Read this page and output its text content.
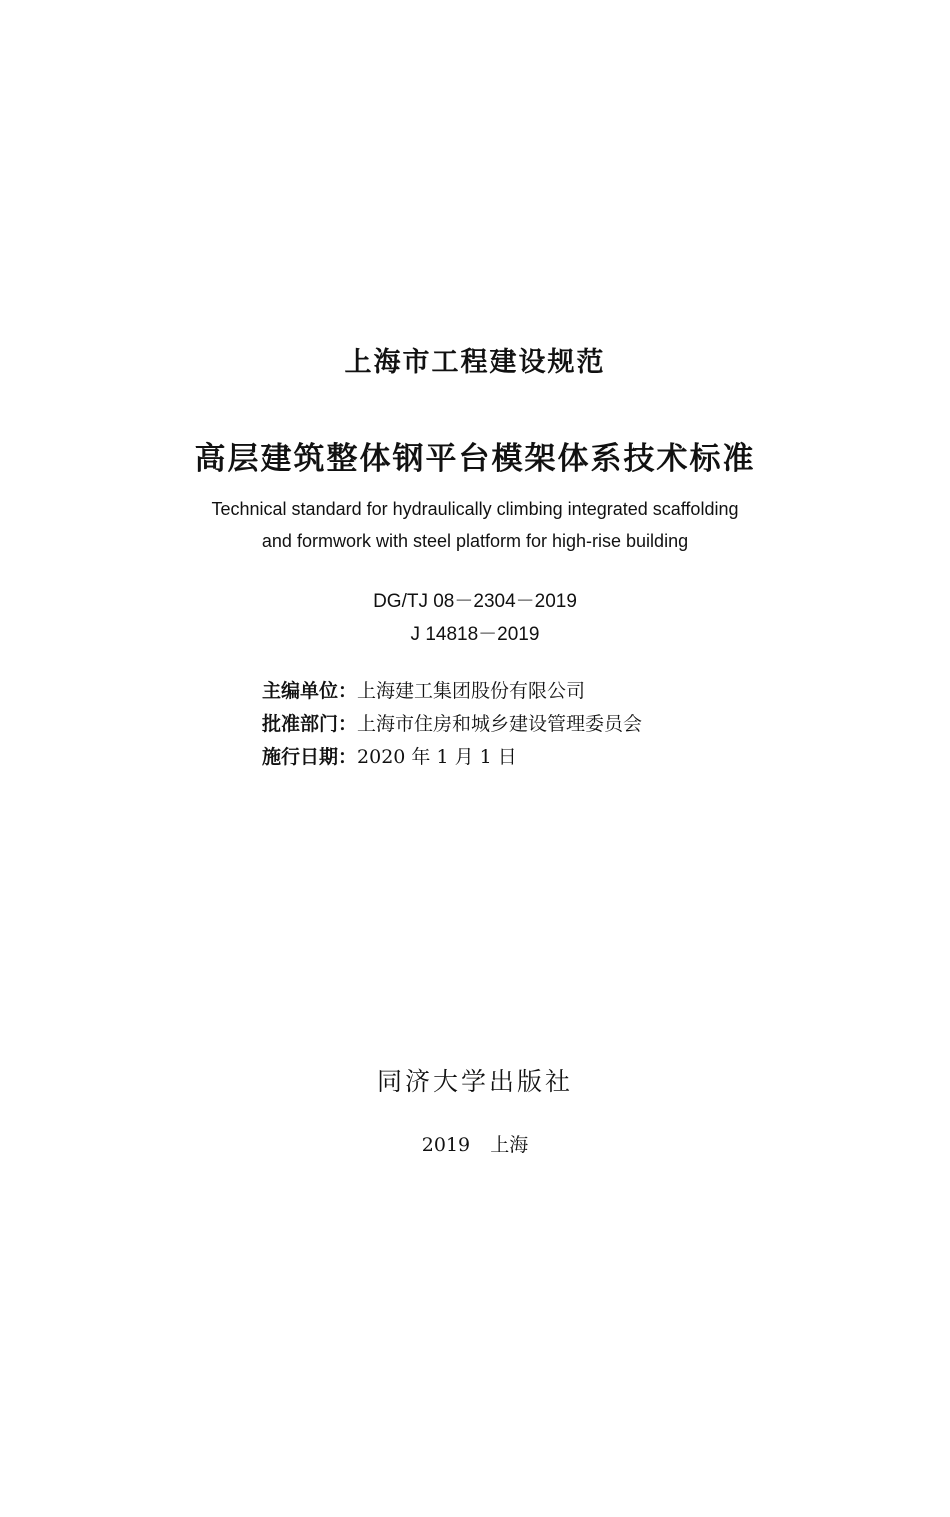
上海市工程建设规范
高层建筑整体钢平台模架体系技术标准
Technical standard for hydraulically climbing integrated scaffolding
and formwork with steel platform for high-rise building
DG/TJ 08－2304－2019
J 14818－2019
主编单位：上海建工集团股份有限公司
批准部门：上海市住房和城乡建设管理委员会
施行日期：2020 年 1 月 1 日
同济大学出版社
2019 上海
